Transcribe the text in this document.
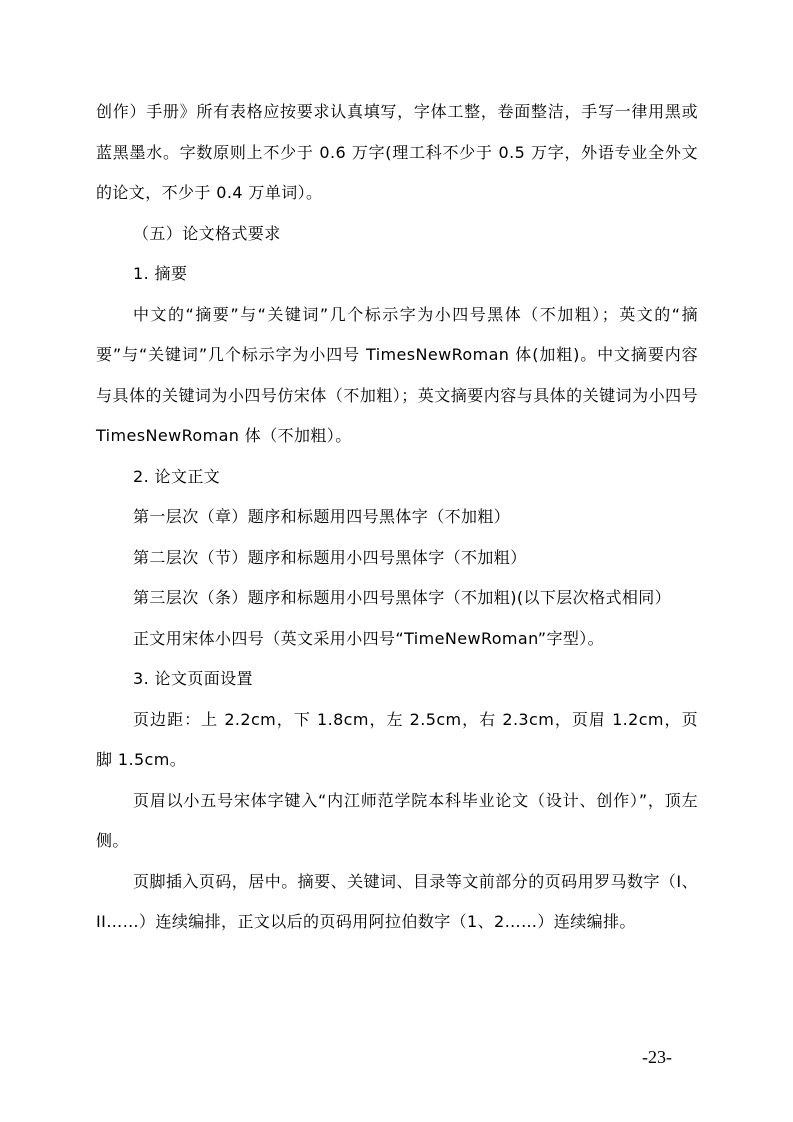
创作）手册》所有表格应按要求认真填写，字体工整，卷面整洁，手写一律用黑或蓝黑墨水。字数原则上不少于 0.6 万字(理工科不少于 0.5 万字，外语专业全外文的论文，不少于 0.4 万单词）。

（五）论文格式要求

1. 摘要

中文的“摘要”与“关键词”几个标示字为小四号黑体（不加粗）；英文的“摘要”与“关键词”几个标示字为小四号 TimesNewRoman 体(加粗)。中文摘要内容与具体的关键词为小四号仿宋体（不加粗）；英文摘要内容与具体的关键词为小四号 TimesNewRoman 体（不加粗）。

2. 论文正文

第一层次（章）题序和标题用四号黑体字（不加粗）

第二层次（节）题序和标题用小四号黑体字（不加粗）

第三层次（条）题序和标题用小四号黑体字（不加粗)(以下层次格式相同）

正文用宋体小四号（英文采用小四号“TimeNewRoman”字型）。

3. 论文页面设置

页边距：上 2.2cm，下 1.8cm，左 2.5cm，右 2.3cm，页眉 1.2cm，页脚 1.5cm。

页眉以小五号宋体字键入“内江师范学院本科毕业论文（设计、创作）”，顶左侧。

页脚插入页码，居中。摘要、关键词、目录等文前部分的页码用罗马数字（I、II……）连续编排，正文以后的页码用阿拉伯数字（1、2……）连续编排。

-23-
